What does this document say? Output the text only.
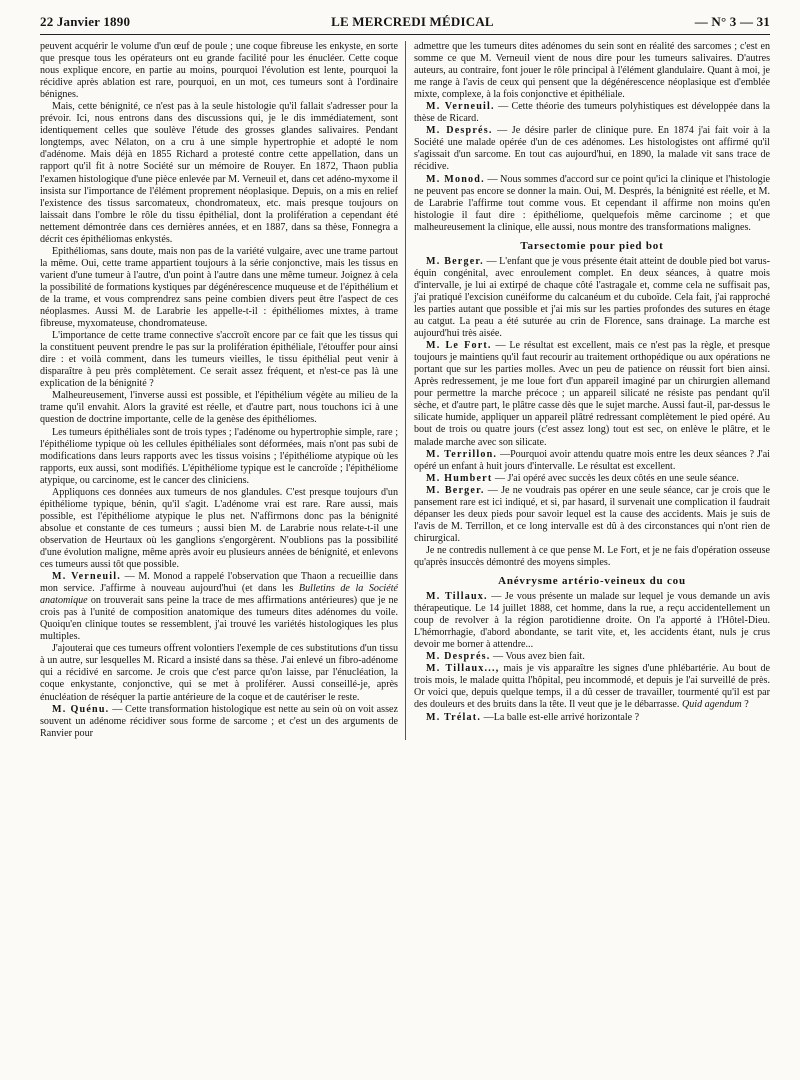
22 Janvier 1890	LE MERCREDI MÉDICAL	— N° 3 — 31

peuvent acquérir le volume d'un œuf de poule ; une coque fibreuse les enkyste, en sorte que presque tous les opérateurs ont eu grande facilité pour les énucléer. Cette coque nous explique encore, en partie au moins, pourquoi l'évolution est lente, pourquoi la récidive après ablation est rare, pourquoi, en un mot, ces tumeurs sont à l'ordinaire bénignes.

Mais, cette bénignité, ce n'est pas à la seule histologie qu'il fallait s'adresser pour la prévoir. Ici, nous entrons dans des discussions qui, je le dis immédiatement, sont identiquement celles que soulève l'étude des grosses glandes salivaires. Pendant longtemps, avec Nélaton, on a cru à une simple hypertrophie et adopté le nom d'adénome. Mais déjà en 1855 Richard a protesté contre cette appellation, dans un rapport qu'il fit à notre Société sur un mémoire de Rouyer. En 1872, Thaon publia l'examen histologique d'une pièce enlevée par M. Verneuil et, dans cet adéno-myxome il insista sur l'importance de l'élément proprement néoplasique. Depuis, on a mis en relief l'existence des tissus sarcomateux, chondromateux, etc. mais presque toujours on laissait dans l'ombre le rôle du tissu épithélial, dont la prolifération a cependant été nettement démontrée dans ces dernières années, et en 1887, dans sa thèse, Fonnegra a décrit ces épithéliomas enkystés.

Epithéliomas, sans doute, mais non pas de la variété vulgaire, avec une trame partout la même. Oui, cette trame appartient toujours à la série conjonctive, mais les tissus en varient d'une tumeur à l'autre, d'un point à l'autre dans une même tumeur. Joignez à cela la possibilité de formations kystiques par dégénérescence muqueuse et de l'épithélium et de la trame, et vous comprendrez sans peine combien divers peut être l'aspect de ces néoplasmes. Aussi M. de Larabrie les appelle-t-il : épithéliomes mixtes, à trame fibreuse, myxomateuse, chondromateuse.

L'importance de cette trame connective s'accroît encore par ce fait que les tissus qui la constituent peuvent prendre le pas sur la prolifération épithéliale, l'étouffer pour ainsi dire : et voilà comment, dans les tumeurs vieilles, le tissu épithélial peut venir à disparaître à peu près complètement. Ce serait assez fréquent, et n'est-ce pas là une explication de la bénignité ?

Malheureusement, l'inverse aussi est possible, et l'épithélium végète au milieu de la trame qu'il envahit. Alors la gravité est réelle, et d'autre part, nous touchons ici à une question de doctrine importante, celle de la genèse des épithéliomes.

Les tumeurs épithéliales sont de trois types ; l'adénome ou hypertrophie simple, rare ; l'épithéliome typique où les cellules épithéliales sont déformées, mais n'ont pas subi de modifications dans leurs rapports avec les tissus voisins ; l'épithéliome atypique où les rapports, eux aussi, sont modifiés. L'épithéliome typique est le cancroïde ; l'épithéliome atypique, ou carcinome, est le cancer des cliniciens.

Appliquons ces données aux tumeurs de nos glandules. C'est presque toujours d'un épithéliome typique, bénin, qu'il s'agit. L'adénome vrai est rare. Rare aussi, mais possible, est l'épithéliome atypique le plus net. N'affirmons donc pas la bénignité absolue et constante de ces tumeurs ; aussi bien M. de Larabrie nous relate-t-il une observation de Heurtaux où les ganglions s'engorgèrent. N'oublions pas la possibilité d'une évolution maligne, même après avoir eu plusieurs années de bénignité, et enlevons ces tumeurs aussi tôt que possible.

M. Verneuil. — M. Monod a rappelé l'observation que Thaon a recueillie dans mon service. J'affirme à nouveau aujourd'hui (et dans les Bulletins de la Société anatomique on trouverait sans peine la trace de mes affirmations antérieures) que je ne crois pas à l'unité de composition anatomique des tumeurs dites adénomes du voile. Quoiqu'en clinique toutes se ressemblent, j'ai trouvé les variétés histologiques les plus multiples.

J'ajouterai que ces tumeurs offrent volontiers l'exemple de ces substitutions d'un tissu à un autre, sur lesquelles M. Ricard a insisté dans sa thèse. J'ai enlevé un fibro-adénome qui a récidivé en sarcome. Je crois que c'est parce qu'on laisse, par l'énucléation, la coque enkystante, conjonctive, qui se met à proliférer. Aussi conseillé-je, après énucléation de réséquer la partie antérieure de la coque et de cautériser le reste.

M. Quénu. — Cette transformation histologique est nette au sein où on voit assez souvent un adénome récidiver sous forme de sarcome ; et c'est un des arguments de Ranvier pour

admettre que les tumeurs dites adénomes du sein sont en réalité des sarcomes ; c'est en somme ce que M. Verneuil vient de nous dire pour les tumeurs salivaires. D'autres auteurs, au contraire, font jouer le rôle principal à l'élément glandulaire. Quant à moi, je me range à l'avis de ceux qui pensent que la dégénérescence néoplasique est d'emblée mixte, complexe, à la fois conjonctive et épithéliale.

M. Verneuil. — Cette théorie des tumeurs polyhistiques est développée dans la thèse de Ricard.

M. Després. — Je désire parler de clinique pure. En 1874 j'ai fait voir à la Société une malade opérée d'un de ces adénomes. Les histologistes ont affirmé qu'il s'agissait d'un sarcome. En tout cas aujourd'hui, en 1890, la malade vit sans trace de récidive.

M. Monod. — Nous sommes d'accord sur ce point qu'ici la clinique et l'histologie ne peuvent pas encore se donner la main. Oui, M. Després, la bénignité est réelle, et M. de Larabrie l'affirme tout comme vous. Et cependant il affirme non moins qu'en histologie il faut dire : épithéliome, quelquefois même carcinome ; et que malheureusement la clinique, elle aussi, nous montre des transformations malignes.

Tarsectomie pour pied bot

M. Berger. — L'enfant que je vous présente était atteint de double pied bot varus-équin congénital, avec enroulement complet. En deux séances, à quatre mois d'intervalle, je lui ai extirpé de chaque côté l'astragale et, comme cela ne suffisait pas, j'ai pratiqué l'excision cunéiforme du calcanéum et du cuboïde. Cela fait, j'ai rapproché les parties autant que possible et j'ai mis sur les parties profondes des sutures en étage au catgut. La peau a été suturée au crin de Florence, sans drainage. La marche est aujourd'hui très aisée.

M. Le Fort. — Le résultat est excellent, mais ce n'est pas la règle, et presque toujours je maintiens qu'il faut recourir au traitement orthopédique ou aux opérations ne portant que sur les parties molles. Avec un peu de patience on réussit fort bien ainsi. Après redressement, je me loue fort d'un appareil imaginé par un chirurgien allemand pour permettre la marche précoce ; un appareil silicaté ne résiste pas pendant qu'il sèche, et d'autre part, le plâtre casse dès que le sujet marche. Aussi faut-il, par-dessus le silicate humide, appliquer un appareil plâtré redressant complètement le pied opéré. Au bout de trois ou quatre jours (c'est assez long) tout est sec, on enlève le plâtre, et le malade marche avec son silicate.

M. Terrillon. —Pourquoi avoir attendu quatre mois entre les deux séances ? J'ai opéré un enfant à huit jours d'intervalle. Le résultat est excellent.

M. Humbert — J'ai opéré avec succès les deux côtés en une seule séance.

M. Berger. — Je ne voudrais pas opérer en une seule séance, car je crois que le pansement rare est ici indiqué, et si, par hasard, il survenait une complication il faudrait dépanser les deux pieds pour savoir lequel est la cause des accidents. Mais je suis de l'avis de M. Terrillon, et ce long intervalle est dû à des circonstances qui n'ont rien de chirurgical.

Je ne contredis nullement à ce que pense M. Le Fort, et je ne fais d'opération osseuse qu'après insuccès démontré des moyens simples.

Anévrysme artério-veineux du cou

M. Tillaux. — Je vous présente un malade sur lequel je vous demande un avis thérapeutique. Le 14 juillet 1888, cet homme, dans la rue, a reçu accidentellement un coup de revolver à la région parotidienne droite. On l'a apporté à l'Hôtel-Dieu. L'hémorrhagie, d'abord abondante, se tarit vite, et, les accidents étant, nuls je crus devoir me borner à attendre...

M. Després. — Vous avez bien fait.

M. Tillaux..., mais je vis apparaître les signes d'une phlébartérie. Au bout de trois mois, le malade quitta l'hôpital, peu incommodé, et depuis je l'ai surveillé de près. Or voici que, depuis quelque temps, il a dû cesser de travailler, tourmenté qu'il est par des douleurs et des bruits dans la tête. Il veut que je le débarrasse. Quid agendum ?

M. Trélat. —La balle est-elle arrivé horizontale ?
